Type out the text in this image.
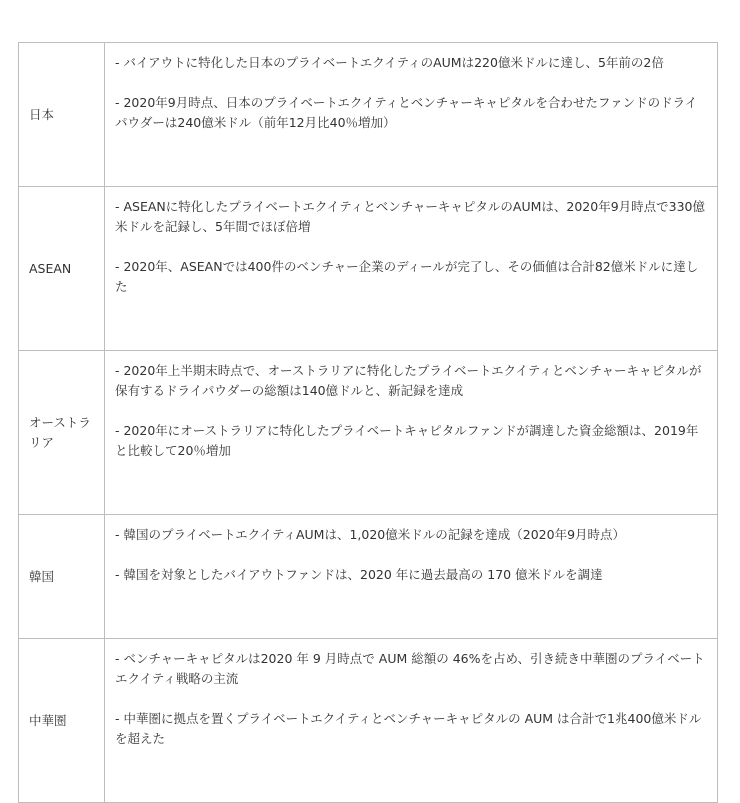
日本	- バイアウトに特化した日本のプライベートエクイティのAUMは220億米ドルに達し、5年前の2倍

- 2020年9月時点、日本のプライベートエクイティとベンチャーキャピタルを合わせたファンドのドライパウダーは240億米ドル（前年12月比40％増加）

ASEAN	- ASEANに特化したプライベートエクイティとベンチャーキャピタルのAUMは、2020年9月時点で330億米ドルを記録し、5年間でほぼ倍増

- 2020年、ASEANでは400件のベンチャー企業のディールが完了し、その価値は合計82億米ドルに達した

オーストラリア	- 2020年上半期末時点で、オーストラリアに特化したプライベートエクイティとベンチャーキャピタルが保有するドライパウダーの総額は140億ドルと、新記録を達成

- 2020年にオーストラリアに特化したプライベートキャピタルファンドが調達した資金総額は、2019年と比較して20％増加

韓国	- 韓国のプライベートエクイティAUMは、1,020億米ドルの記録を達成（2020年9月時点）

- 韓国を対象としたバイアウトファンドは、2020 年に過去最高の 170 億米ドルを調達

中華圏	- ベンチャーキャピタルは2020 年 9 月時点で AUM 総額の 46%を占め、引き続き中華圏のプライベートエクイティ戦略の主流

- 中華圏に拠点を置くプライベートエクイティとベンチャーキャピタルの AUM は合計で1兆400億米ドルを超えた
